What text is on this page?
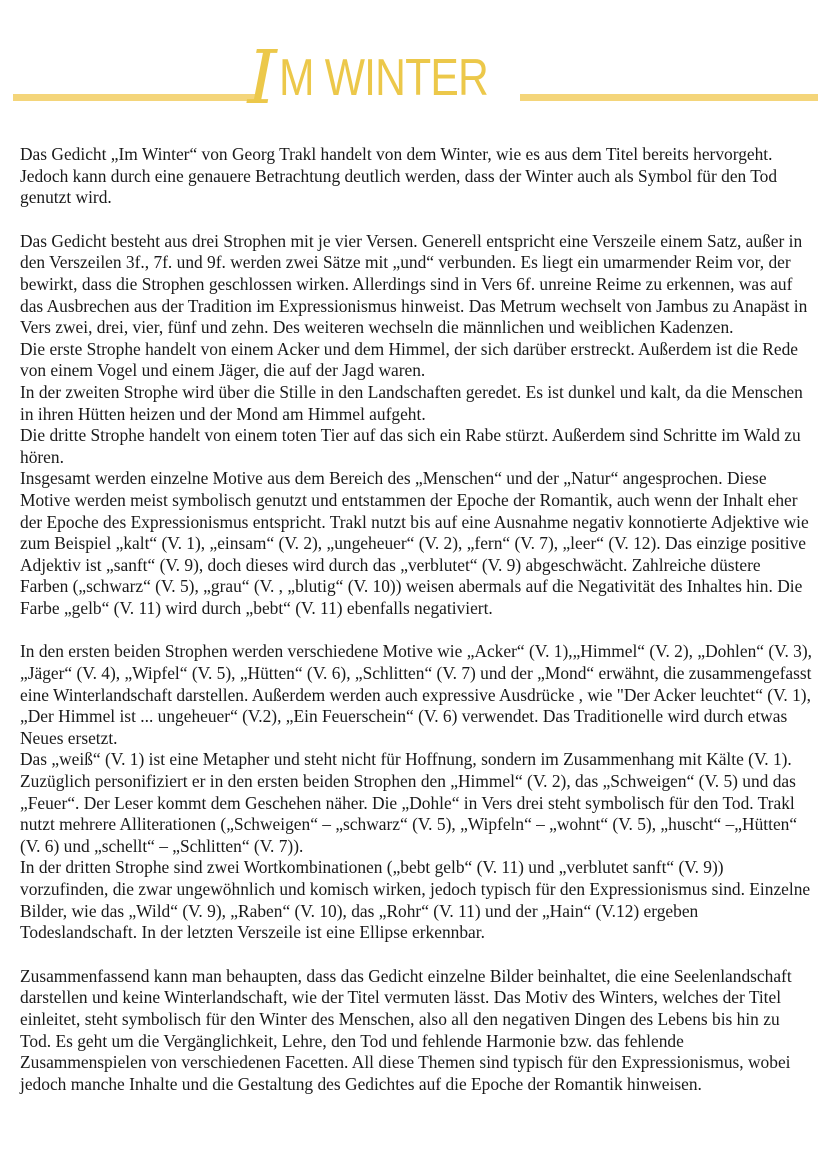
I M WINTER

Das Gedicht „Im Winter“ von Georg Trakl handelt von dem Winter, wie es aus dem Titel bereits hervorgeht. Jedoch kann durch eine genauere Betrachtung deutlich werden, dass der Winter auch als Symbol für den Tod genutzt wird.

Das Gedicht besteht aus drei Strophen mit je vier Versen. Generell entspricht eine Verszeile einem Satz, außer in den Verszeilen 3f., 7f. und 9f. werden zwei Sätze mit „und“ verbunden. Es liegt ein umarmender Reim vor, der bewirkt, dass die Strophen geschlossen wirken. Allerdings sind in Vers 6f. unreine Reime zu erkennen, was auf das Ausbrechen aus der Tradition im Expressionismus hinweist. Das Metrum wechselt von Jambus zu Anapäst in Vers zwei, drei, vier, fünf und zehn. Des weiteren wechseln die männlichen und weiblichen Kadenzen.

Die erste Strophe handelt von einem Acker und dem Himmel, der sich darüber erstreckt. Außerdem ist die Rede von einem Vogel und einem Jäger, die auf der Jagd waren.

In der zweiten Strophe wird über die Stille in den Landschaften geredet. Es ist dunkel und kalt, da die Menschen in ihren Hütten heizen und der Mond am Himmel aufgeht.

Die dritte Strophe handelt von einem toten Tier auf das sich ein Rabe stürzt. Außerdem sind Schritte im Wald zu hören.

Insgesamt werden einzelne Motive aus dem Bereich des „Menschen“ und der „Natur“ angesprochen. Diese Motive werden meist symbolisch genutzt und entstammen der Epoche der Romantik, auch wenn der Inhalt eher der Epoche des Expressionismus entspricht. Trakl nutzt bis auf eine Ausnahme negativ konnotierte Adjektive wie zum Beispiel „kalt“ (V. 1), „einsam“ (V. 2), „ungeheuer“ (V. 2), „fern“ (V. 7), „leer“ (V. 12). Das einzige positive Adjektiv ist „sanft“ (V. 9), doch dieses wird durch das „verblutet“ (V. 9) abgeschwächt. Zahlreiche düstere Farben („schwarz“ (V. 5), „grau“ (V. , „blutig“ (V. 10)) weisen abermals auf die Negativität des Inhaltes hin. Die Farbe „gelb“ (V. 11) wird durch „bebt“ (V. 11) ebenfalls negativiert.

In den ersten beiden Strophen werden verschiedene Motive wie „Acker“ (V. 1),„Himmel“ (V. 2), „Dohlen“ (V. 3), „Jäger“ (V. 4), „Wipfel“ (V. 5), „Hütten“ (V. 6), „Schlitten“ (V. 7) und der „Mond“ erwähnt, die zusammengefasst eine Winterlandschaft darstellen. Außerdem werden auch expressive Ausdrücke , wie "Der Acker leuchtet“ (V. 1), „Der Himmel ist ... ungeheuer“ (V.2), „Ein Feuerschein“ (V. 6) verwendet. Das Traditionelle wird durch etwas Neues ersetzt.

Das „weiß“ (V. 1) ist eine Metapher und steht nicht für Hoffnung, sondern im Zusammenhang mit Kälte (V. 1). Zuzüglich personifiziert er in den ersten beiden Strophen den „Himmel“ (V. 2), das „Schweigen“ (V. 5) und das „Feuer“. Der Leser kommt dem Geschehen näher. Die „Dohle“ in Vers drei steht symbolisch für den Tod. Trakl nutzt mehrere Alliterationen („Schweigen“ – „schwarz“ (V. 5), „Wipfeln“ – „wohnt“ (V. 5), „huscht“ –„Hütten“ (V. 6) und „schellt“ – „Schlitten“ (V. 7)).

In der dritten Strophe sind zwei Wortkombinationen („bebt gelb“ (V. 11) und „verblutet sanft“ (V. 9)) vorzufinden, die zwar ungewöhnlich und komisch wirken, jedoch typisch für den Expressionismus sind. Einzelne Bilder, wie das „Wild“ (V. 9), „Raben“ (V. 10), das „Rohr“ (V. 11) und der „Hain“ (V.12) ergeben Todeslandschaft. In der letzten Verszeile ist eine Ellipse erkennbar.

Zusammenfassend kann man behaupten, dass das Gedicht einzelne Bilder beinhaltet, die eine Seelenlandschaft darstellen und keine Winterlandschaft, wie der Titel vermuten lässt. Das Motiv des Winters, welches der Titel einleitet, steht symbolisch für den Winter des Menschen, also all den negativen Dingen des Lebens bis hin zu Tod. Es geht um die Vergänglichkeit, Lehre, den Tod und fehlende Harmonie bzw. das fehlende Zusammenspielen von verschiedenen Facetten. All diese Themen sind typisch für den Expressionismus, wobei jedoch manche Inhalte und die Gestaltung des Gedichtes auf die Epoche der Romantik hinweisen.
